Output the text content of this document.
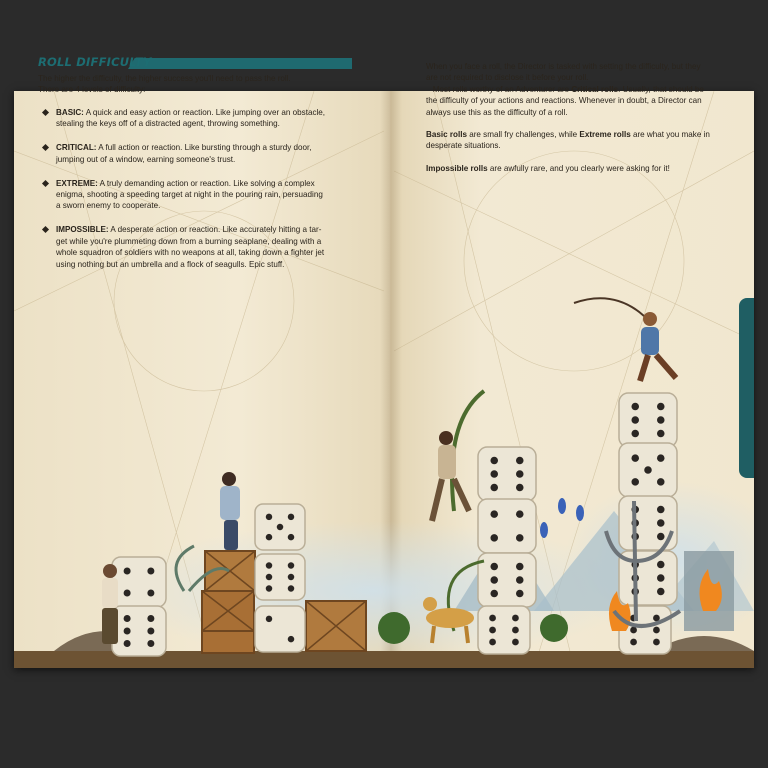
ROLL DIFFICULTY

The higher the difficulty, the higher success you'll need to pass the roll.

There are 4 levels of difficulty:

BASIC: A quick and easy action or reaction. Like jumping over an obstacle,
stealing the keys off of a distracted agent, throwing something.
CRITICAL: A full action or reaction. Like bursting through a sturdy door,
jumping out of a window, earning someone's trust.
EXTREME: A truly demanding action or reaction. Like solving a complex
enigma, shooting a speeding target at night in the pouring rain, persuading
a sworn enemy to cooperate.
IMPOSSIBLE: A desperate action or reaction. Like accurately hitting a tar-
get while you're plummeting down from a burning seaplane, dealing with a
whole squadron of soldiers with no weapons at all, taking down a fighter jet
using nothing but an umbrella and a flock of seagulls. Epic stuff.

When you face a roll, the Director is tasked with setting the difficulty, but they

are not required to disclose it before your roll.

Most rolls worthy of an Adventurer are Critical rolls. Usually, that should be

the difficulty of your actions and reactions. Whenever in doubt, a Director can

always use this as the difficulty of a roll.

Basic rolls are small fry challenges, while Extreme rolls are what you make in

desperate situations.

Impossible rolls are awfully rare, and you clearly were asking for it!
